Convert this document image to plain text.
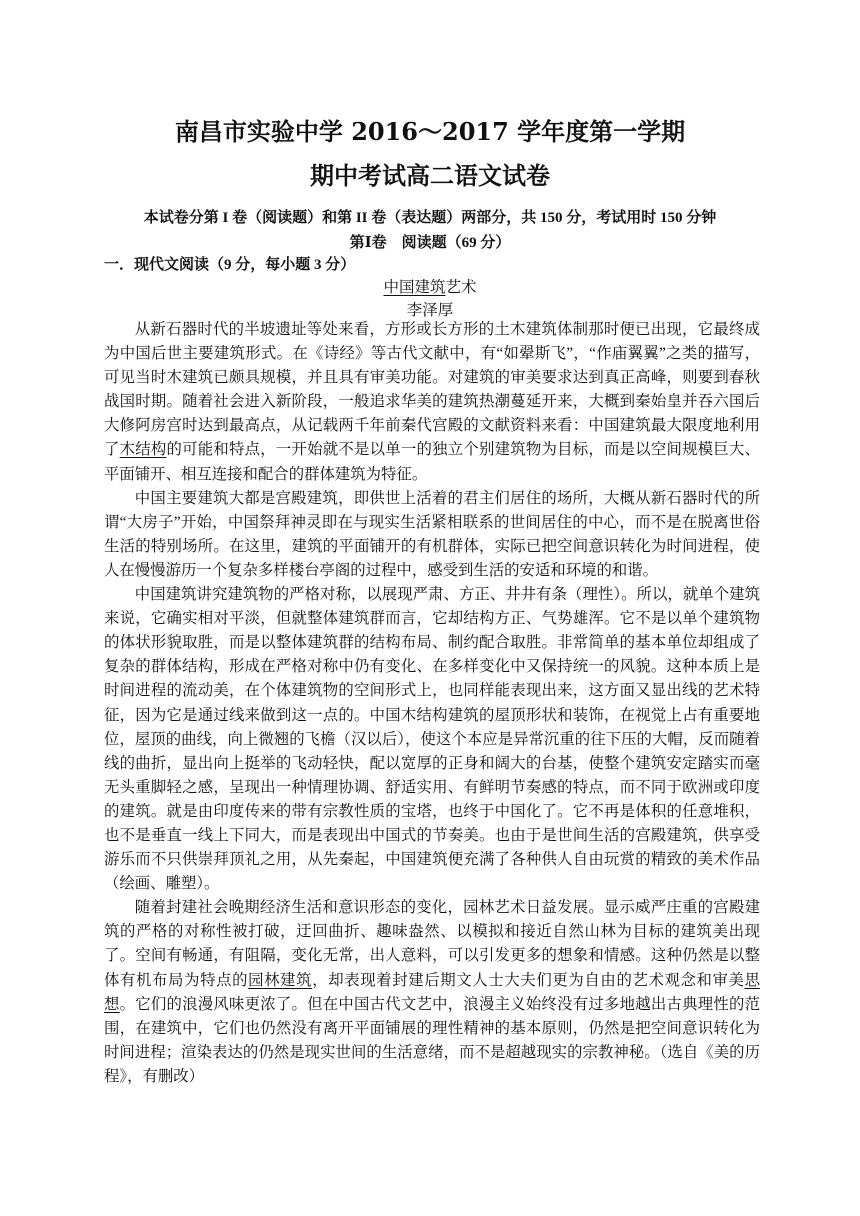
南昌市实验中学 2016～2017 学年度第一学期
期中考试高二语文试卷
本试卷分第 I 卷（阅读题）和第 II 卷（表达题）两部分，共 150 分，考试用时 150 分钟
第Ⅰ卷　阅读题（69 分）
一．现代文阅读（9 分，每小题 3 分）
中国建筑艺术
李泽厚

从新石器时代的半坡遗址等处来看，方形或长方形的土木建筑体制那时便已出现，它最终成为中国后世主要建筑形式。在《诗经》等古代文献中，有“如翚斯飞”，“作庙翼翼”之类的描写，可见当时木建筑已颇具规模，并且具有审美功能。对建筑的审美要求达到真正高峰，则要到春秋战国时期。随着社会进入新阶段，一般追求华美的建筑热潮蔓延开来，大概到秦始皇并吞六国后大修阿房宫时达到最高点，从记载两千年前秦代宫殿的文献资料来看：中国建筑最大限度地利用了木结构的可能和特点，一开始就不是以单一的独立个别建筑物为目标，而是以空间规模巨大、平面铺开、相互连接和配合的群体建筑为特征。

中国主要建筑大都是宫殿建筑，即供世上活着的君主们居住的场所，大概从新石器时代的所谓“大房子”开始，中国祭拜神灵即在与现实生活紧相联系的世间居住的中心，而不是在脱离世俗生活的特别场所。在这里，建筑的平面铺开的有机群体，实际已把空间意识转化为时间进程，使人在慢慢游历一个复杂多样楼台亭阁的过程中，感受到生活的安适和环境的和谐。

中国建筑讲究建筑物的严格对称，以展现严肃、方正、井井有条（理性）。所以，就单个建筑来说，它确实相对平淡，但就整体建筑群而言，它却结构方正、气势雄浑。它不是以单个建筑物的体状形貌取胜，而是以整体建筑群的结构布局、制约配合取胜。非常简单的基本单位却组成了复杂的群体结构，形成在严格对称中仍有变化、在多样变化中又保持统一的风貌。这种本质上是时间进程的流动美，在个体建筑物的空间形式上，也同样能表现出来，这方面又显出线的艺术特征，因为它是通过线来做到这一点的。中国木结构建筑的屋顶形状和装饰，在视觉上占有重要地位，屋顶的曲线，向上微翘的飞檐（汉以后），使这个本应是异常沉重的往下压的大帽，反而随着线的曲折，显出向上挺举的飞动轻快，配以宽厚的正身和阔大的台基，使整个建筑安定踏实而毫无头重脚轻之感，呈现出一种情理协调、舒适实用、有鲜明节奏感的特点，而不同于欧洲或印度的建筑。就是由印度传来的带有宗教性质的宝塔，也终于中国化了。它不再是体积的任意堆积，也不是垂直一线上下同大，而是表现出中国式的节奏美。也由于是世间生活的宫殿建筑，供享受游乐而不只供崇拜顶礼之用，从先秦起，中国建筑便充满了各种供人自由玩赏的精致的美术作品（绘画、雕塑）。

随着封建社会晚期经济生活和意识形态的变化，园林艺术日益发展。显示威严庄重的宫殿建筑的严格的对称性被打破，迂回曲折、趣味盎然、以模拟和接近自然山林为目标的建筑美出现了。空间有畅通，有阻隔，变化无常，出人意料，可以引发更多的想象和情感。这种仍然是以整体有机布局为特点的园林建筑，却表现着封建后期文人士大夫们更为自由的艺术观念和审美思想。它们的浪漫风味更浓了。但在中国古代文艺中，浪漫主义始终没有过多地越出古典理性的范围，在建筑中，它们也仍然没有离开平面铺展的理性精神的基本原则，仍然是把空间意识转化为时间进程；渲染表达的仍然是现实世间的生活意绪，而不是超越现实的宗教神秘。（选自《美的历程》，有删改）
